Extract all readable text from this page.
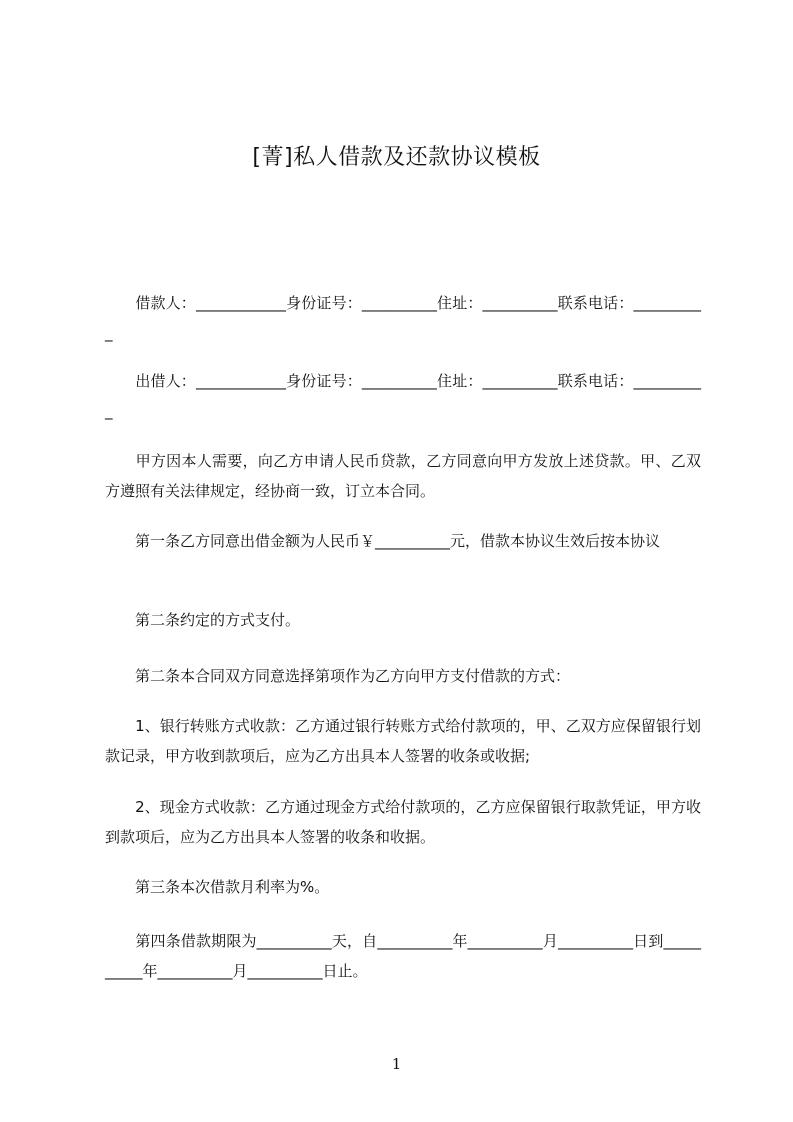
[菁]私人借款及还款协议模板

　　借款人：____________身份证号：__________住址：__________联系电话：__________

　　出借人：____________身份证号：__________住址：__________联系电话：__________

　　甲方因本人需要，向乙方申请人民币贷款，乙方同意向甲方发放上述贷款。甲、乙双方遵照有关法律规定，经协商一致，订立本合同。

　　第一条乙方同意出借金额为人民币￥__________元，借款本协议生效后按本协议

　　第二条约定的方式支付。

　　第二条本合同双方同意选择第项作为乙方向甲方支付借款的方式：

　　1、银行转账方式收款：乙方通过银行转账方式给付款项的，甲、乙双方应保留银行划款记录，甲方收到款项后，应为乙方出具本人签署的收条或收据;

　　2、现金方式收款：乙方通过现金方式给付款项的，乙方应保留银行取款凭证，甲方收到款项后，应为乙方出具本人签署的收条和收据。

　　第三条本次借款月利率为%。

　　第四条借款期限为__________天，自__________年__________月__________日到__________年__________月__________日止。

1
